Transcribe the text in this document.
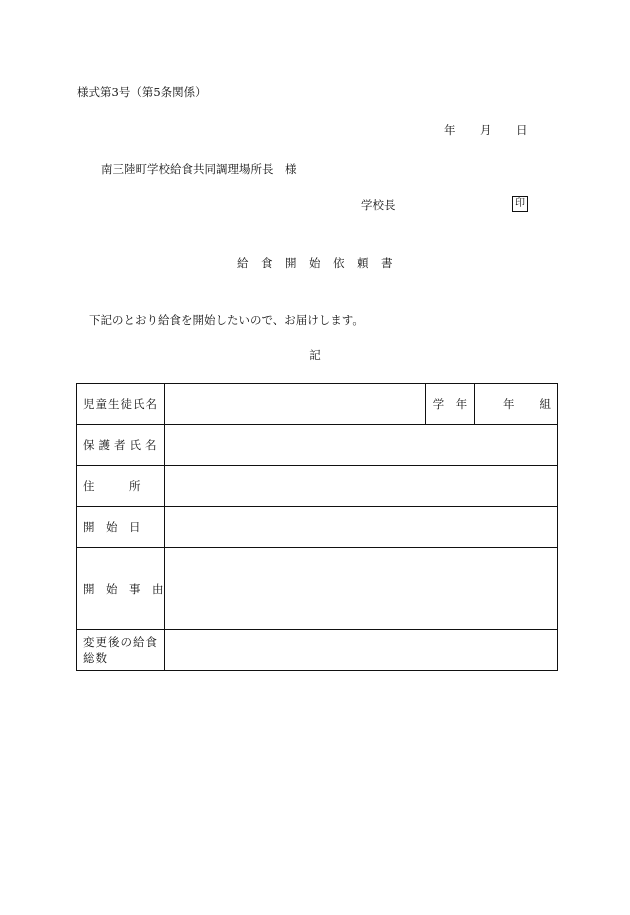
様式第3号（第5条関係）
年 月 日
南三陸町学校給食共同調理場所長　様
学校長	印
給　食　開　始　依　頼　書
下記のとおり給食を開始したいので、お届けします。
記
児童生徒氏名		学　年	年 組

保護者氏名			
住　　　所			
開　始　日			
開　始　事　由			
変更後の給食総数			
